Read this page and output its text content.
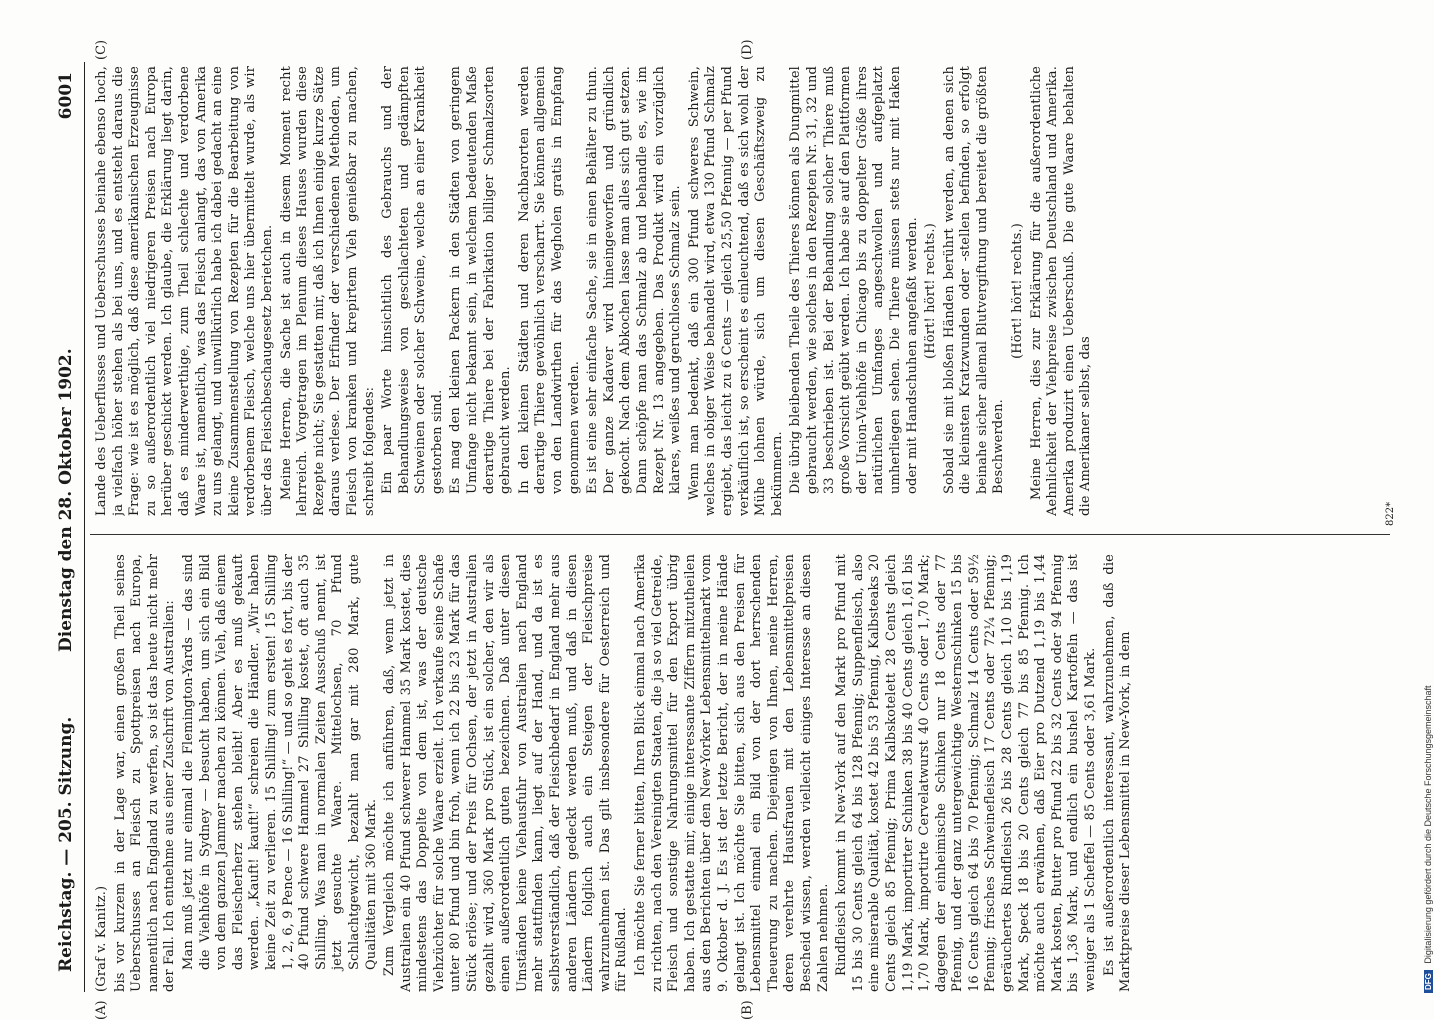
Reichstag. — 205. Sitzung.
Dienstag den 28. Oktober 1902.
6001
(A)	(B)
(C)	(D)

(Graf v. Kanitz.) bis vor kurzem in der Lage war, einen großen Theil seines Ueberschusses an Fleisch zu Spottpreisen nach Europa, namentlich nach England zu werfen, so ist das heute nicht mehr der Fall. Ich entnehme aus einer Zuschrift von Australien: Man muß jetzt nur einmal die Flemington-Yards — das sind die Viehhöfe in Sydney — besucht haben, um sich ein Bild von dem ganzen Jammer machen zu können. Vieh, daß einem das Fleischerherz stehen bleibt! Aber es muß gekauft werden. „Kauft! kauft!“ schreien die Händler. „Wir haben keine Zeit zu verlieren. 15 Shilling! zum ersten! 15 Shilling 1, 2, 6, 9 Pence — 16 Shilling!“ — und so geht es fort, bis der 40 Pfund schwere Hammel 27 Shilling kostet, oft auch 35 Shilling. Was man in normalen Zeiten Ausschuß nennt, ist jetzt gesuchte Waare. Mittelochsen, 70 Pfund Schlachtgewicht, bezahlt man gar mit 280 Mark, gute Qualitäten mit 360 Mark. Zum Vergleich möchte ich anführen, daß, wenn jetzt in Australien ein 40 Pfund schwerer Hammel 35 Mark kostet, dies mindestens das Doppelte von dem ist, was der deutsche Viehzüchter für solche Waare erzielt. Ich verkaufe seine Schafe unter 80 Pfund und bin froh, wenn ich 22 bis 23 Mark für das Stück erlöse; und der Preis für Ochsen, der jetzt in Australien gezahlt wird, 360 Mark pro Stück, ist ein solcher, den wir als einen außerordentlich guten bezeichnen. Daß unter diesen Umständen keine Viehausfuhr von Australien nach England mehr stattfinden kann, liegt auf der Hand, und da ist es selbstverständlich, daß der Fleischbedarf in England mehr aus anderen Ländern gedeckt werden muß, und daß in diesen Ländern folglich auch ein Steigen der Fleischpreise wahrzunehmen ist. Das gilt insbesondere für Oesterreich und für Rußland. Ich möchte Sie ferner bitten, Ihren Blick einmal nach Amerika zu richten, nach den Vereinigten Staaten, die ja so viel Getreide, Fleisch und sonstige Nahrungsmittel für den Export übrig haben. Ich gestatte mir, einige interessante Ziffern mitzutheilen aus den Berichten über den New-Yorker Lebensmittelmarkt vom 9. Oktober d. J. Es ist der letzte Bericht, der in meine Hände gelangt ist. Ich möchte Sie bitten, sich aus den Preisen für Lebensmittel einmal ein Bild von der dort herrschenden Theuerung zu machen. Diejenigen von Ihnen, meine Herren, deren verehrte Hausfrauen mit den Lebensmittelpreisen Bescheid wissen, werden vielleicht einiges Interesse an diesen Zahlen nehmen. Rindfleisch kommt in New-York auf den Markt pro Pfund mit 15 bis 30 Cents gleich 64 bis 128 Pfennig; Suppenfleisch, also eine miserable Qualität, kostet 42 bis 53 Pfennig, Kalbsteaks 20 Cents gleich 85 Pfennig; Prima Kalbskotelett 28 Cents gleich 1,19 Mark, importirter Schinken 38 bis 40 Cents gleich 1,61 bis 1,70 Mark, importirte Cervelatwurst 40 Cents oder 1,70 Mark; dagegen der einheimische Schinken nur 18 Cents oder 77 Pfennig, und der ganz untergewichtige Westernschinken 15 bis 16 Cents gleich 64 bis 70 Pfennig; Schmalz 14 Cents oder 59½ Pfennig; frisches Schweinefleisch 17 Cents oder 72¼ Pfennig; geräuchertes Rindfleisch 26 bis 28 Cents gleich 1,10 bis 1,19 Mark, Speck 18 bis 20 Cents gleich 77 bis 85 Pfennig. Ich möchte auch erwähnen, daß Eier pro Dutzend 1,19 bis 1,44 Mark kosten, Butter pro Pfund 22 bis 32 Cents oder 94 Pfennig bis 1,36 Mark, und endlich ein bushel Kartoffeln — das ist weniger als 1 Scheffel — 85 Cents oder 3,61 Mark. Es ist außerordentlich interessant, wahrzunehmen, daß die Marktpreise dieser Lebensmittel in New-York, in dem

Lande des Ueberflusses und Ueberschusses beinahe ebenso hoch, ja vielfach höher stehen als bei uns, und es entsteht daraus die Frage: wie ist es möglich, daß diese amerikanischen Erzeugnisse zu so außerordentlich viel niedrigeren Preisen nach Europa herüber geschickt werden. Ich glaube, die Erklärung liegt darin, daß es minderwerthige, zum Theil schlechte und verdorbene Waare ist, namentlich, was das Fleisch anlangt, das von Amerika zu uns gelangt, und unwillkürlich habe ich dabei gedacht an eine kleine Zusammenstellung von Rezepten für die Bearbeitung von verdorbenem Fleisch, welche uns hier übermittelt wurde, als wir über das Fleischbeschaugesetz berietchen. Meine Herren, die Sache ist auch in diesem Moment recht lehrreich. Vorgetragen im Plenum dieses Hauses wurden diese Rezepte nicht; Sie gestatten mir, daß ich Ihnen einige kurze Sätze daraus verlese. Der Erfinder der verschiedenen Methoden, um Fleisch von kranken und krepirtem Vieh genießbar zu machen, schreibt folgendes: Ein paar Worte hinsichtlich des Gebrauchs und der Behandlungsweise von geschlachteten und gedämpften Schweinen oder solcher Schweine, welche an einer Krankheit gestorben sind. Es mag den kleinen Packern in den Städten von geringem Umfange nicht bekannt sein, in welchem bedeutenden Maße derartige Thiere bei der Fabrikation billiger Schmalzsorten gebraucht werden. In den kleinen Städten und deren Nachbarorten werden derartige Thiere gewöhnlich verscharrt. Sie können allgemein von den Landwirthen für das Wegholen gratis in Empfang genommen werden. Es ist eine sehr einfache Sache, sie in einen Behälter zu thun. Der ganze Kadaver wird hineingeworfen und gründlich gekocht. Nach dem Abkochen lasse man alles sich gut setzen. Dann schöpfe man das Schmalz ab und behandle es, wie im Rezept Nr. 13 angegeben. Das Produkt wird ein vorzüglich klares, weißes und geruchloses Schmalz sein. Wenn man bedenkt, daß ein 300 Pfund schweres Schwein, welches in obiger Weise behandelt wird, etwa 130 Pfund Schmalz ergiebt, das leicht zu 6 Cents — gleich 25,50 Pfennig — per Pfund verkäuflich ist, so erscheint es einleuchtend, daß es sich wohl der Mühe lohnen würde, sich um diesen Geschäftszweig zu bekümmern. Die übrig bleibenden Theile des Thieres können als Dungmittel gebraucht werden, wie solches in den Rezepten Nr. 31, 32 und 33 beschrieben ist. Bei der Behandlung solcher Thiere muß große Vorsicht geübt werden. Ich habe sie auf den Plattformen der Union-Viehhöfe in Chicago bis zu doppelter Größe ihres natürlichen Umfanges angeschwollen und aufgeplatzt umherliegen sehen. Die Thiere müssen stets nur mit Haken oder mit Handschuhen angefaßt werden. (Hört! hört! rechts.) Sobald sie mit bloßen Händen berührt werden, an denen sich die kleinsten Kratzwunden oder -stellen befinden, so erfolgt beinahe sicher allemal Blutvergiftung und bereitet die größten Beschwerden.

(Hört! hört! rechts.) Meine Herren, dies zur Erklärung für die außerordentliche Aehnlichkeit der Viehpreise zwischen Deutschland und Amerika. Amerika produzirt einen Ueberschuß. Die gute Waare behalten die Amerikaner selbst, das	822*
DFG Digitalisierung gefördert durch die Deutsche Forschungsgemeinschaft
